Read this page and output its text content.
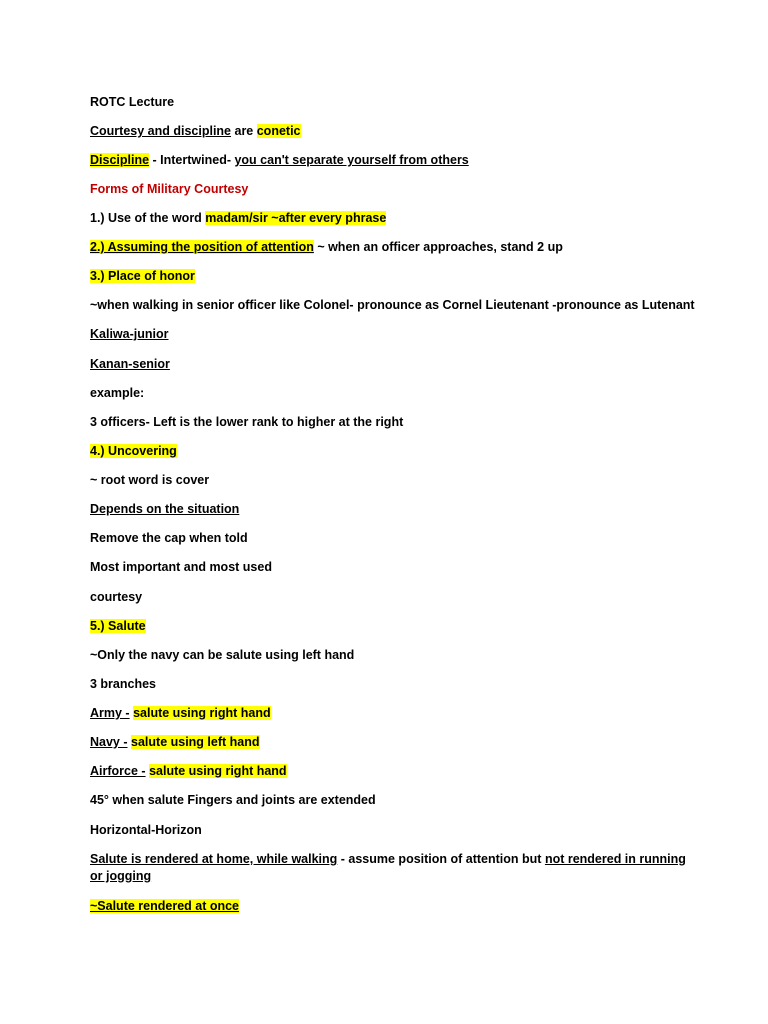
ROTC Lecture
Courtesy and discipline are conetic
Discipline - Intertwined- you can't separate yourself from others
Forms of Military Courtesy
1.) Use of the word madam/sir ~after every phrase
2.) Assuming the position of attention ~ when an officer approaches, stand 2 up
3.) Place of honor
~when walking in senior officer like Colonel- pronounce as Cornel Lieutenant -pronounce as Lutenant
Kaliwa-junior
Kanan-senior
example:
3 officers- Left is the lower rank to higher at the right
4.) Uncovering
~ root word is cover
Depends on the situation
Remove the cap when told
Most important and most used
courtesy
5.) Salute
~Only the navy can be salute using left hand
3 branches
Army - salute using right hand
Navy - salute using left hand
Airforce - salute using right hand
45° when salute Fingers and joints are extended
Horizontal-Horizon
Salute is rendered at home, while walking - assume position of attention but not rendered in running or jogging
~Salute rendered at once
